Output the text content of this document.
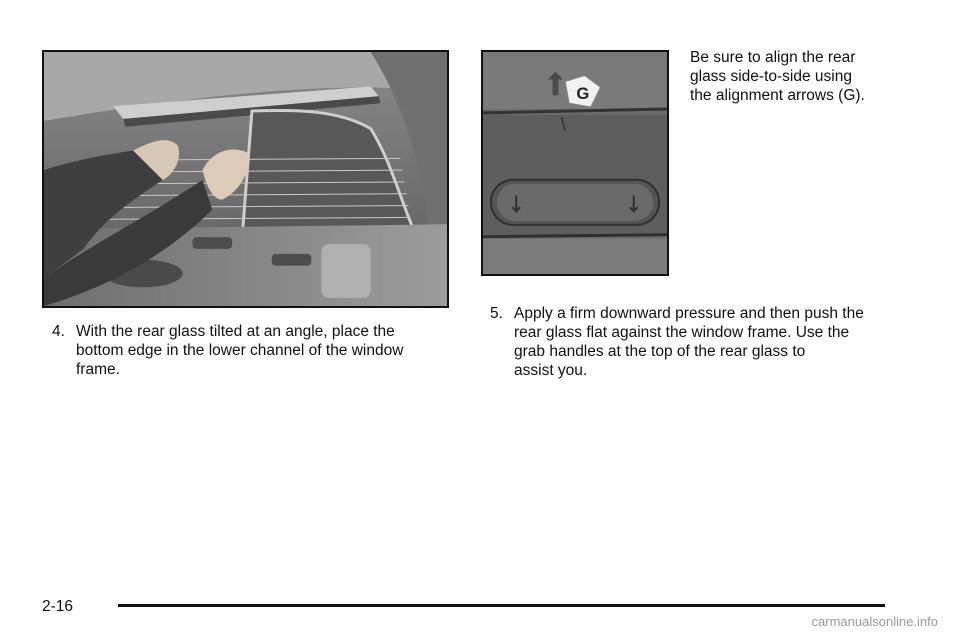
G
Be sure to align the rear
glass side-to-side using
the alignment arrows (G).
4. With the rear glass tilted at an angle, place the
bottom edge in the lower channel of the window
frame.
5. Apply a firm downward pressure and then push the
rear glass flat against the window frame. Use the
grab handles at the top of the rear glass to
assist you.
2-16
carmanualsonline.info
